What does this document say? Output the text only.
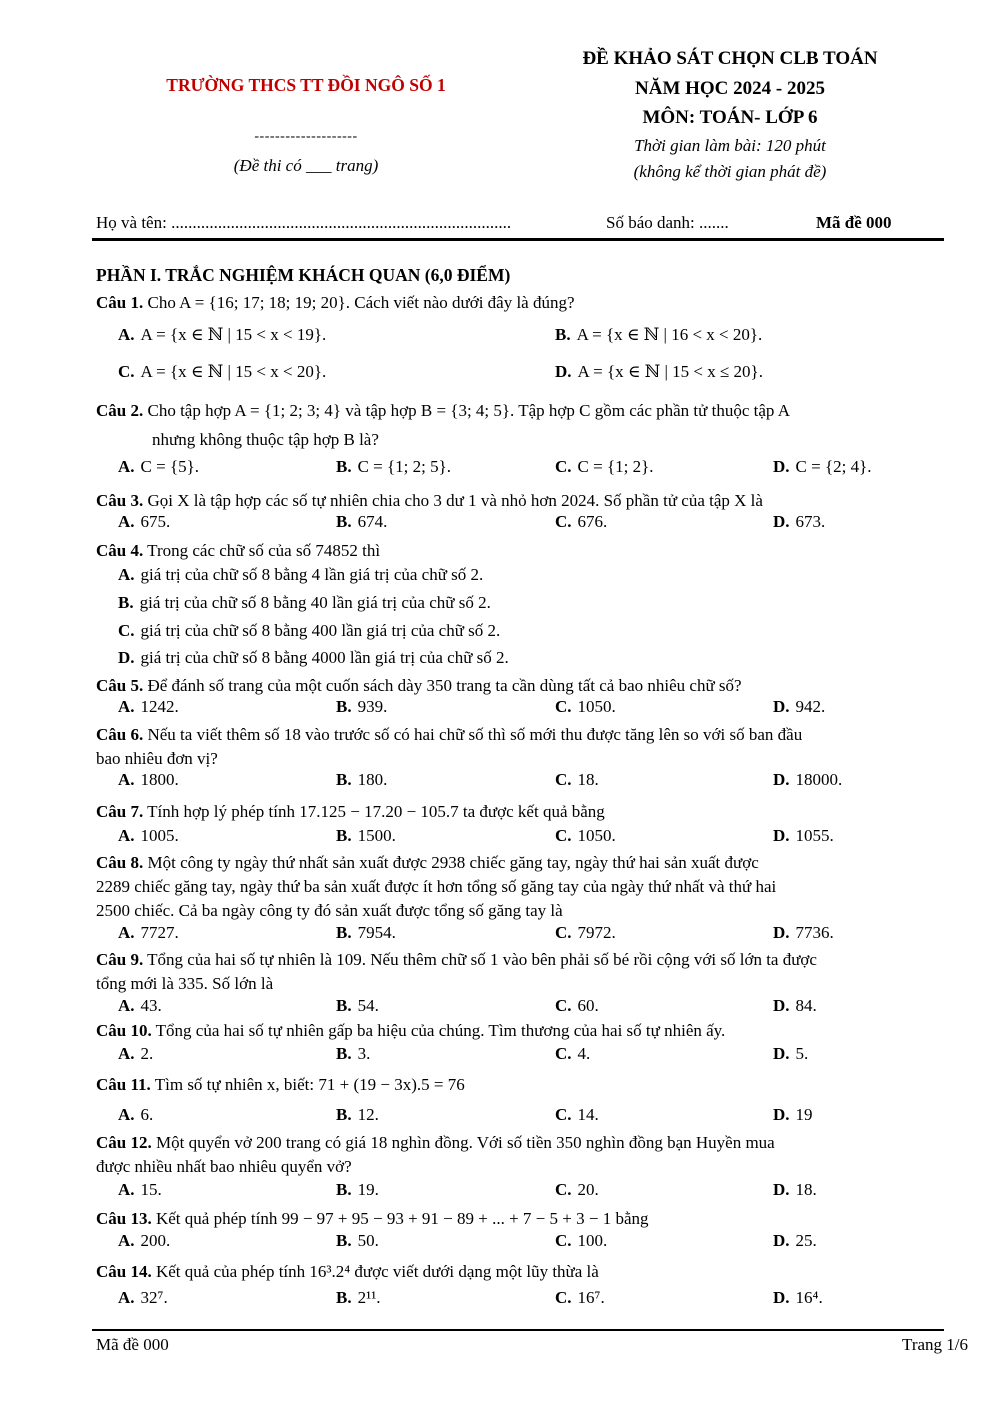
TRƯỜNG THCS TT ĐỒI NGÔ SỐ 1
--------------------
(Đề thi có ___ trang)
ĐỀ KHẢO SÁT CHỌN CLB TOÁN
NĂM HỌC 2024 - 2025
MÔN: TOÁN- LỚP 6
Thời gian làm bài: 120 phút
(không kể thời gian phát đề)
Họ và tên: ................................................................................	Số báo danh: .......	Mã đề 000
PHẦN I. TRẮC NGHIỆM KHÁCH QUAN (6,0 ĐIỂM)
Câu 1. Cho A = {16; 17; 18; 19; 20}. Cách viết nào dưới đây là đúng?
A. A = {x ∈ ℕ | 15 < x < 19}.	B. A = {x ∈ ℕ | 16 < x < 20}.
C. A = {x ∈ ℕ | 15 < x < 20}.	D. A = {x ∈ ℕ | 15 < x ≤ 20}.
Câu 2. Cho tập hợp A = {1; 2; 3; 4} và tập hợp B = {3; 4; 5}. Tập hợp C gồm các phần tử thuộc tập A
nhưng không thuộc tập hợp B là?
A. C = {5}.	B. C = {1; 2; 5}.	C. C = {1; 2}.	D. C = {2; 4}.
Câu 3. Gọi X là tập hợp các số tự nhiên chia cho 3 dư 1 và nhỏ hơn 2024. Số phần tử của tập X là
A. 675.	B. 674.	C. 676.	D. 673.
Câu 4. Trong các chữ số của số 74852 thì
A. giá trị của chữ số 8 bằng 4 lần giá trị của chữ số 2.
B. giá trị của chữ số 8 bằng 40 lần giá trị của chữ số 2.
C. giá trị của chữ số 8 bằng 400 lần giá trị của chữ số 2.
D. giá trị của chữ số 8 bằng 4000 lần giá trị của chữ số 2.
Câu 5. Để đánh số trang của một cuốn sách dày 350 trang ta cần dùng tất cả bao nhiêu chữ số?
A. 1242.	B. 939.	C. 1050.	D. 942.
Câu 6. Nếu ta viết thêm số 18 vào trước số có hai chữ số thì số mới thu được tăng lên so với số ban đầu
bao nhiêu đơn vị?
A. 1800.	B. 180.	C. 18.	D. 18000.
Câu 7. Tính hợp lý phép tính 17.125 − 17.20 − 105.7 ta được kết quả bằng
A. 1005.	B. 1500.	C. 1050.	D. 1055.
Câu 8. Một công ty ngày thứ nhất sản xuất được 2938 chiếc găng tay, ngày thứ hai sản xuất được
2289 chiếc găng tay, ngày thứ ba sản xuất được ít hơn tổng số găng tay của ngày thứ nhất và thứ hai
2500 chiếc. Cả ba ngày công ty đó sản xuất được tổng số găng tay là
A. 7727.	B. 7954.	C. 7972.	D. 7736.
Câu 9. Tổng của hai số tự nhiên là 109. Nếu thêm chữ số 1 vào bên phải số bé rồi cộng với số lớn ta được
tổng mới là 335. Số lớn là
A. 43.	B. 54.	C. 60.	D. 84.
Câu 10. Tổng của hai số tự nhiên gấp ba hiệu của chúng. Tìm thương của hai số tự nhiên ấy.
A. 2.	B. 3.	C. 4.	D. 5.
Câu 11. Tìm số tự nhiên x, biết: 71 + (19 − 3x).5 = 76
A. 6.	B. 12.	C. 14.	D. 19
Câu 12. Một quyển vở 200 trang có giá 18 nghìn đồng. Với số tiền 350 nghìn đồng bạn Huyền mua
được nhiều nhất bao nhiêu quyển vở?
A. 15.	B. 19.	C. 20.	D. 18.
Câu 13. Kết quả phép tính 99 − 97 + 95 − 93 + 91 − 89 + ... + 7 − 5 + 3 − 1 bằng
A. 200.	B. 50.	C. 100.	D. 25.
Câu 14. Kết quả của phép tính 16³.2⁴ được viết dưới dạng một lũy thừa là
A. 32⁷.	B. 2¹¹.	C. 16⁷.	D. 16⁴.
Mã đề 000	Trang 1/6
